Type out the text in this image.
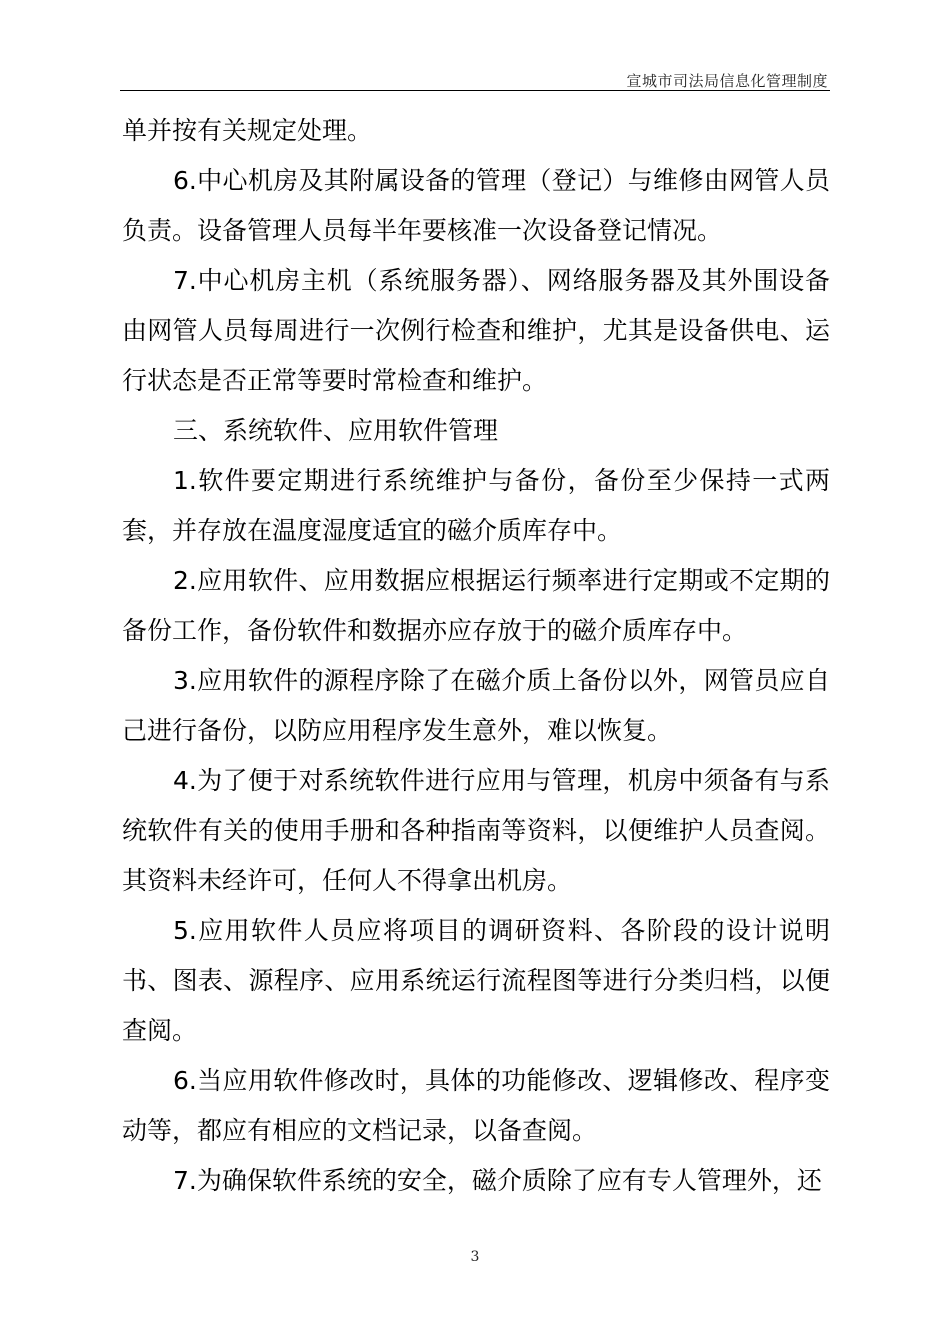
宣城市司法局信息化管理制度

单并按有关规定处理。

6.中心机房及其附属设备的管理（登记）与维修由网管人员负责。设备管理人员每半年要核准一次设备登记情况。

7.中心机房主机（系统服务器）、网络服务器及其外围设备由网管人员每周进行一次例行检查和维护，尤其是设备供电、运行状态是否正常等要时常检查和维护。

三、系统软件、应用软件管理

1.软件要定期进行系统维护与备份，备份至少保持一式两套，并存放在温度湿度适宜的磁介质库存中。

2.应用软件、应用数据应根据运行频率进行定期或不定期的备份工作，备份软件和数据亦应存放于的磁介质库存中。

3.应用软件的源程序除了在磁介质上备份以外，网管员应自己进行备份，以防应用程序发生意外，难以恢复。

4.为了便于对系统软件进行应用与管理，机房中须备有与系统软件有关的使用手册和各种指南等资料，以便维护人员查阅。其资料未经许可，任何人不得拿出机房。

5.应用软件人员应将项目的调研资料、各阶段的设计说明书、图表、源程序、应用系统运行流程图等进行分类归档，以便查阅。

6.当应用软件修改时，具体的功能修改、逻辑修改、程序变动等，都应有相应的文档记录，以备查阅。

7.为确保软件系统的安全，磁介质除了应有专人管理外，还

3
